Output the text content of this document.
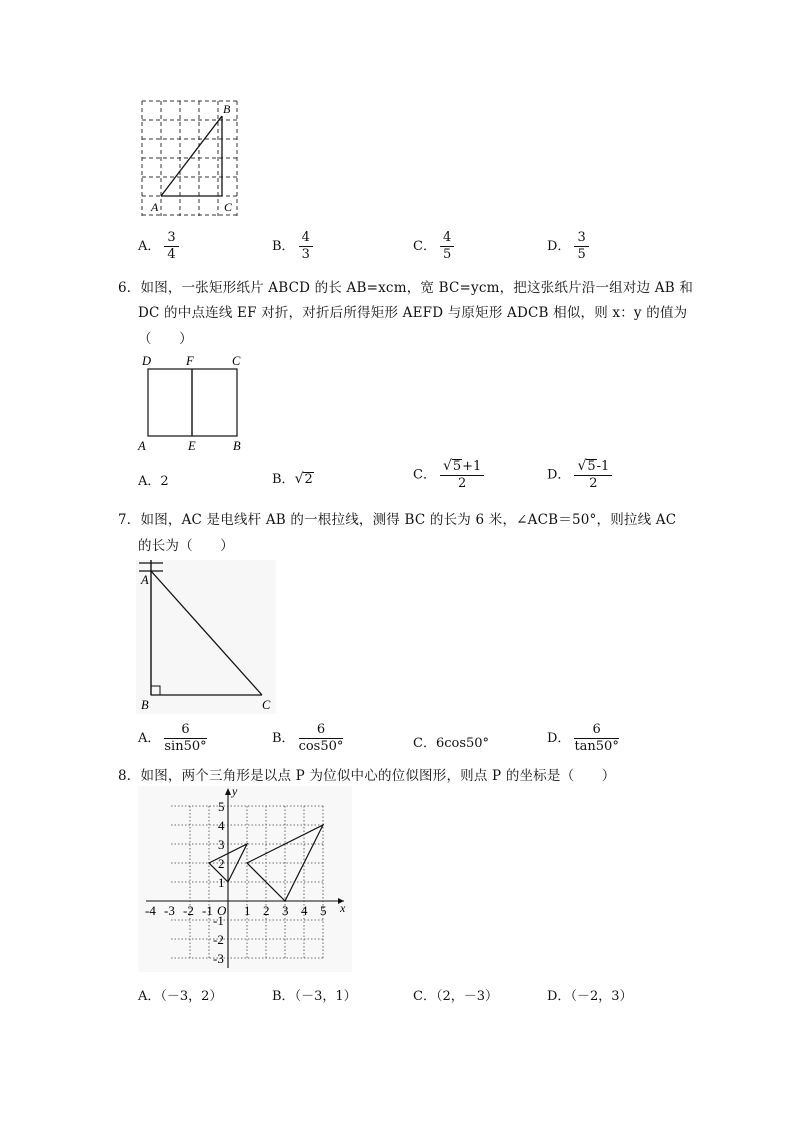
B
A	C
A． $\frac{3}{4}$	B． $\frac{4}{3}$	C． $\frac{4}{5}$	D． $\frac{3}{5}$
6．如图，一张矩形纸片 ABCD 的长 AB=xcm，宽 BC=ycm，把这张纸片沿一组对边 AB 和
DC 的中点连线 EF 对折，对折后所得矩形 AEFD 与原矩形 ADCB 相似，则 x：y 的值为
（　　）
D	F	C
A	E	B
A．2	B．√2	C． $\frac{√5+1}{2}$	D． $\frac{√5-1}{2}$
7．如图，AC 是电线杆 AB 的一根拉线，测得 BC 的长为 6 米，∠ACB＝50°，则拉线 AC
的长为（　　）
A
B	C
A． $\frac{6}{\sin 50^\circ}$	B． $\frac{6}{\cos 50^\circ}$	C．6cos50°	D． $\frac{6}{\tan 50^\circ}$
8．如图，两个三角形是以点 P 为位似中心的位似图形，则点 P 的坐标是（　　）
x
y
-4 -3 -2 -1 O 1 2 3 4 5
5
4
3
2
1
-1
-2
-3
A．（－3，2）	B．（－3，1）	C．（2，－3）	D．（－2，3）
